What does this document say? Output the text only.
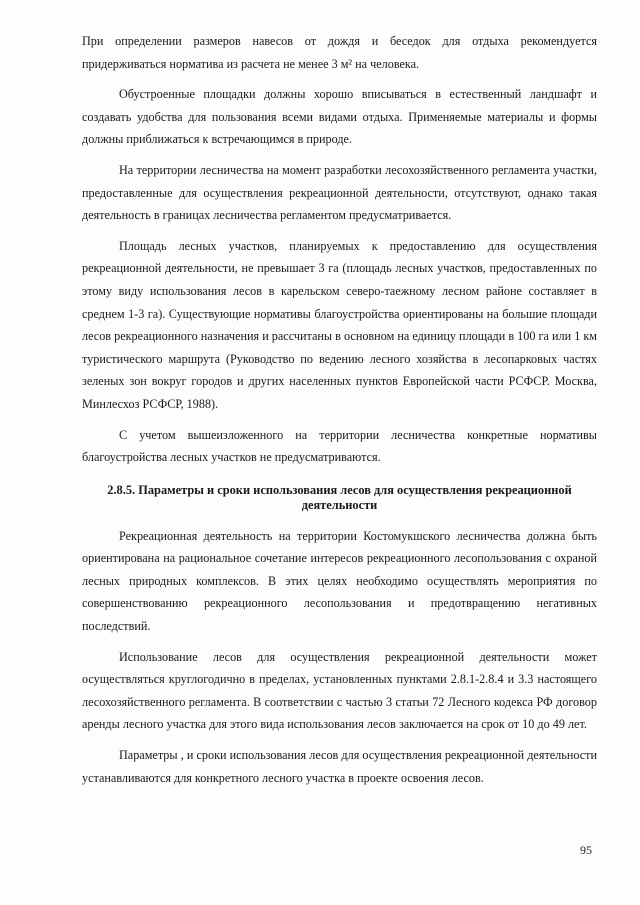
При определении размеров навесов от дождя и беседок для отдыха рекомендуется придерживаться норматива из расчета не менее 3 м² на человека.

Обустроенные площадки должны хорошо вписываться в естественный ландшафт и создавать удобства для пользования всеми видами отдыха. Применяемые материалы и формы должны приближаться к встречающимся в природе.

На территории лесничества на момент разработки лесохозяйственного регламента участки, предоставленные для осуществления рекреационной деятельности, отсутствуют, однако такая деятельность в границах лесничества регламентом предусматривается.

Площадь лесных участков, планируемых к предоставлению для осуществления рекреационной деятельности, не превышает 3 га (площадь лесных участков, предоставленных по этому виду использования лесов в карельском северо-таежному лесном районе составляет в среднем 1-3 га). Существующие нормативы благоустройства ориентированы на большие площади лесов рекреационного назначения и рассчитаны в основном на единицу площади в 100 га или 1 км туристического маршрута (Руководство по ведению лесного хозяйства в лесопарковых частях зеленых зон вокруг городов и других населенных пунктов Европейской части РСФСР. Москва, Минлесхоз РСФСР, 1988).

С учетом вышеизложенного на территории лесничества конкретные нормативы благоустройства лесных участков не предусматриваются.

2.8.5. Параметры и сроки использования лесов для осуществления рекреационной деятельности

Рекреационная деятельность на территории Костомукшского лесничества должна быть ориентирована на рациональное сочетание интересов рекреационного лесопользования с охраной лесных природных комплексов. В этих целях необходимо осуществлять мероприятия по совершенствованию рекреационного лесопользования и предотвращению негативных последствий.

Использование лесов для осуществления рекреационной деятельности может осуществляться круглогодично в пределах, установленных пунктами 2.8.1-2.8.4 и 3.3 настоящего лесохозяйственного регламента. В соответствии с частью 3 статьи 72 Лесного кодекса РФ договор аренды лесного участка для этого вида использования лесов заключается на срок от 10 до 49 лет.

Параметры , и сроки использования лесов для осуществления рекреационной деятельности устанавливаются для конкретного лесного участка в проекте освоения лесов.

95
